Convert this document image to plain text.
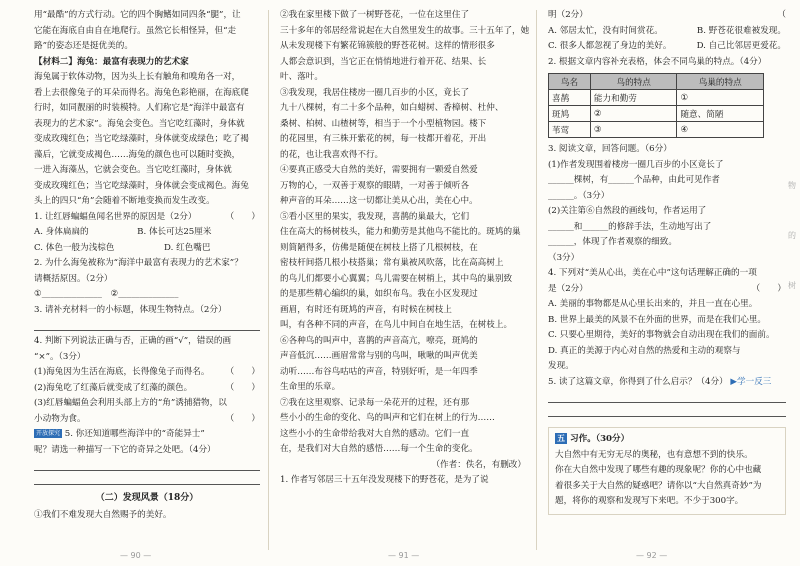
用“最酷”的方式行动。它的四个胸鳍如同四条“腿”，让

它能在海底自由自在地爬行。虽然它长相怪异，但“走

路”的姿态还是挺优美的。

【材料二】海兔：最富有表现力的艺术家

海兔属于软体动物，因为头上长有触角和嗅角各一对，

看上去很像兔子的耳朵而得名。海兔色彩艳丽，在海底爬

行时，如同靓丽的时装模特。人们称它是“海洋中最富有

表现力的艺术家”。海兔会变色。当它吃红藻时，身体就

变成玫瑰红色；当它吃绿藻时，身体就变成绿色；吃了褐

藻后，它就变成褐色……海兔的颜色也可以随时变换，

一进入海藻丛，它就会变色。当它吃红藻时，身体就

变成玫瑰红色；当它吃绿藻时，身体就会变成褐色。海兔

头上的四只“角”会随着不断地变换而发生改变。

1. 让红唇蝙蝠鱼闻名世界的原因是（2分）	（　　）

A. 身体扁扁的	B. 体长可达25厘米

C. 体色一般为浅棕色	D. 红色嘴巴

2. 为什么海兔被称为“海洋中最富有表现力的艺术家”？

请概括原因。（2分）

①______________　②______________

3. 请补充材料一的小标题，体现生物特点。（2分）

4. 判断下列说法正确与否，正确的画“√”，错误的画

“×”。（3分）

(1)海兔因为生活在海底，长得像兔子而得名。 （　　）

(2)海兔吃了红藻后就变成了红藻的颜色。	（　　）

(3)红唇蝙蝠鱼会利用头部上方的“角”诱捕猎物，以
（　　）

小动物为食。

开放探究 5. 你还知道哪些海洋中的“奇能异士”

呢？请选一种描写一下它的奇异之处吧。（4分）

（二）发现风景（18分）

①我们不难发现大自然赐予的美好。

— 90 —

②我在家里楼下做了一树野苍花，一位在这里住了

三十多年的邻居经常说起在大自然里发生的故事。三十五年了，她

从未发现楼下有繁花锦簇般的野苍花树。这样的情形很多

人都会意识到，当它正在悄悄地进行着开花、结果、长

叶、落叶。

③我发现，我居住楼房一圈几百步的小区，竟长了

九十八棵树，有二十多个品种，如白蜡树、香樟树、杜仲、

桑树、柏树、山楂树等，相当于一个小型植物园。楼下

的花园里，有三株开紫花的树，每一枝都开着花，开出

的花，也让我喜欢得不行。

④要真正感受大自然的美好，需要拥有一颗爱自然爱

万物的心，一双善于观察的眼睛，一对善于倾听各

种声音的耳朵……这一切都让美从心出，美在心中。

⑤看小区里的果实，我发现，喜鹊的巢最大，它们

住在高大的杨树枝头，能力和勤劳是其他鸟不能比的。斑鸠的巢

则简陋得多，仿佛是随便在树枝上搭了几根树枝，在

密枝杆间搭几根小枝搭巢；常有巢被风吹落，比在高高树上

的鸟儿们都要小心翼翼；鸟儿需要在树梢上，其中鸟的巢别致

的是那些精心编织的巢，如织布鸟。我在小区发现过

画眉，有时还有斑鸠的声音，有时候在树枝上

叫，有各种不同的声音，在鸟儿中间自在地生活，在树枝上。

⑥各种鸟的叫声中，喜鹊的声音高亢，嘹亮，斑鸠的

声音低沉……画眉常常与别的鸟叫，啾啾的叫声优美

动听……布谷鸟咕咕的声音，特别好听，是一年四季

生命里的乐章。

⑦我在这里观察、记录每一朵花开的过程，还有那

些小小的生命的变化、鸟的叫声和它们在树上的行为……

这些小小的生命带给我对大自然的感动。它们一直

在，是我们对大自然的感悟……每一个生命的变化。

（作者：佚名，有删改）

1. 作者写邻居三十五年没发现楼下的野苍花，是为了说

— 91 —

明（2分）	（

A. 邻居太忙，没有时间赏花。	B. 野苍花很难被发现。

C. 很多人都忽视了身边的美好。	D. 自己比邻居更爱花。

2. 根据文章内容补充表格，体会不同鸟巢的特点。（4分）

鸟名	鸟的特点	鸟巢的特点
喜鹊	能力和勤劳	①
斑鸠	②	随意、简陋
苇莺	③	④

3. 阅读文章，回答问题。（6分）

(1)作者发现围着楼房一圈几百步的小区竟长了

______棵树，有______个品种，由此可见作者

______。（3分）

(2)关注第⑥自然段的画线句，作者运用了

______和______的修辞手法，生动地写出了

______，体现了作者观察的细致。

（3分）

4. 下列对“美从心出，美在心中”这句话理解正确的一项

是（2分）	（　　）

A. 美丽的事物都是从心里长出来的，并且一直在心里。

B. 世界上最美的风景不在外面的世界，而是在我们心里。

C. 只要心里期待，美好的事物就会自动出现在我们的面前。

D. 真正的美源于内心对自然的热爱和主动的观察与

发现。

5. 读了这篇文章，你得到了什么启示？（4分） ▶学一反三

五 习作。（30分）

大自然中有无穷无尽的奥秘，也有意想不到的快乐。

你在大自然中发现了哪些有趣的现象呢？你的心中也藏

着很多关于大自然的疑惑吧？请你以“大自然真奇妙”为

题，将你的观察和发现写下来吧。不少于300字。

物
的
树
— 92 —
